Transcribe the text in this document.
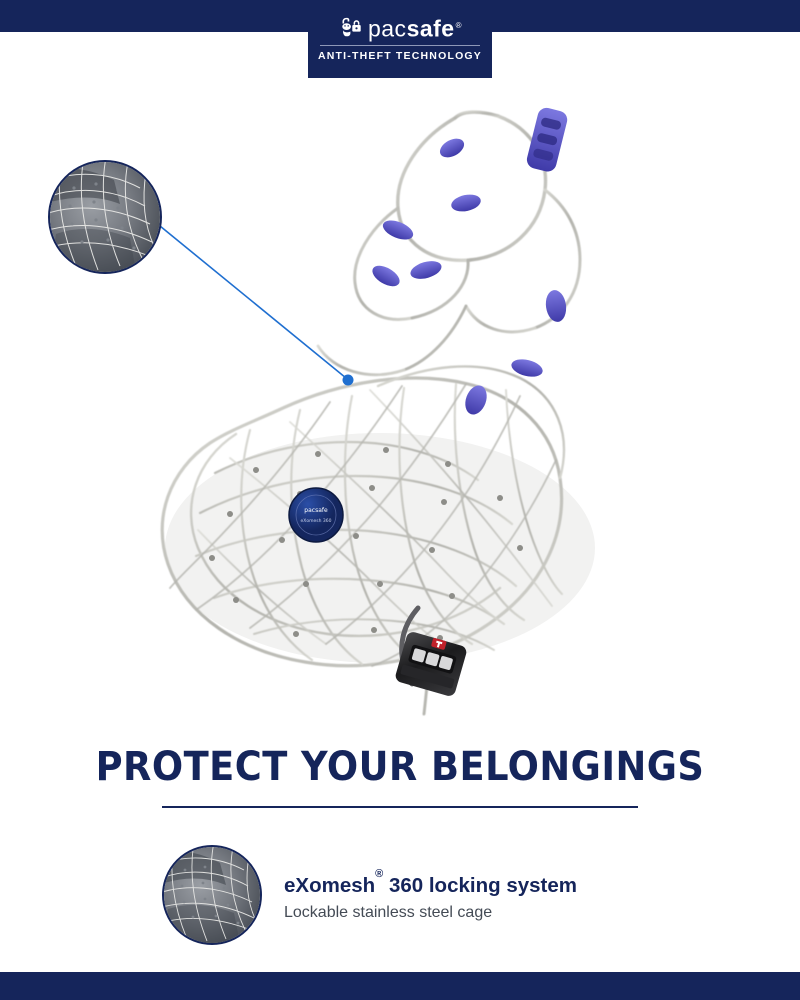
pacsafe®
ANTI-THEFT TECHNOLOGY
pacsafe
eXomesh 360
PROTECT YOUR BELONGINGS

eXomesh® 360 locking system

Lockable stainless steel cage
